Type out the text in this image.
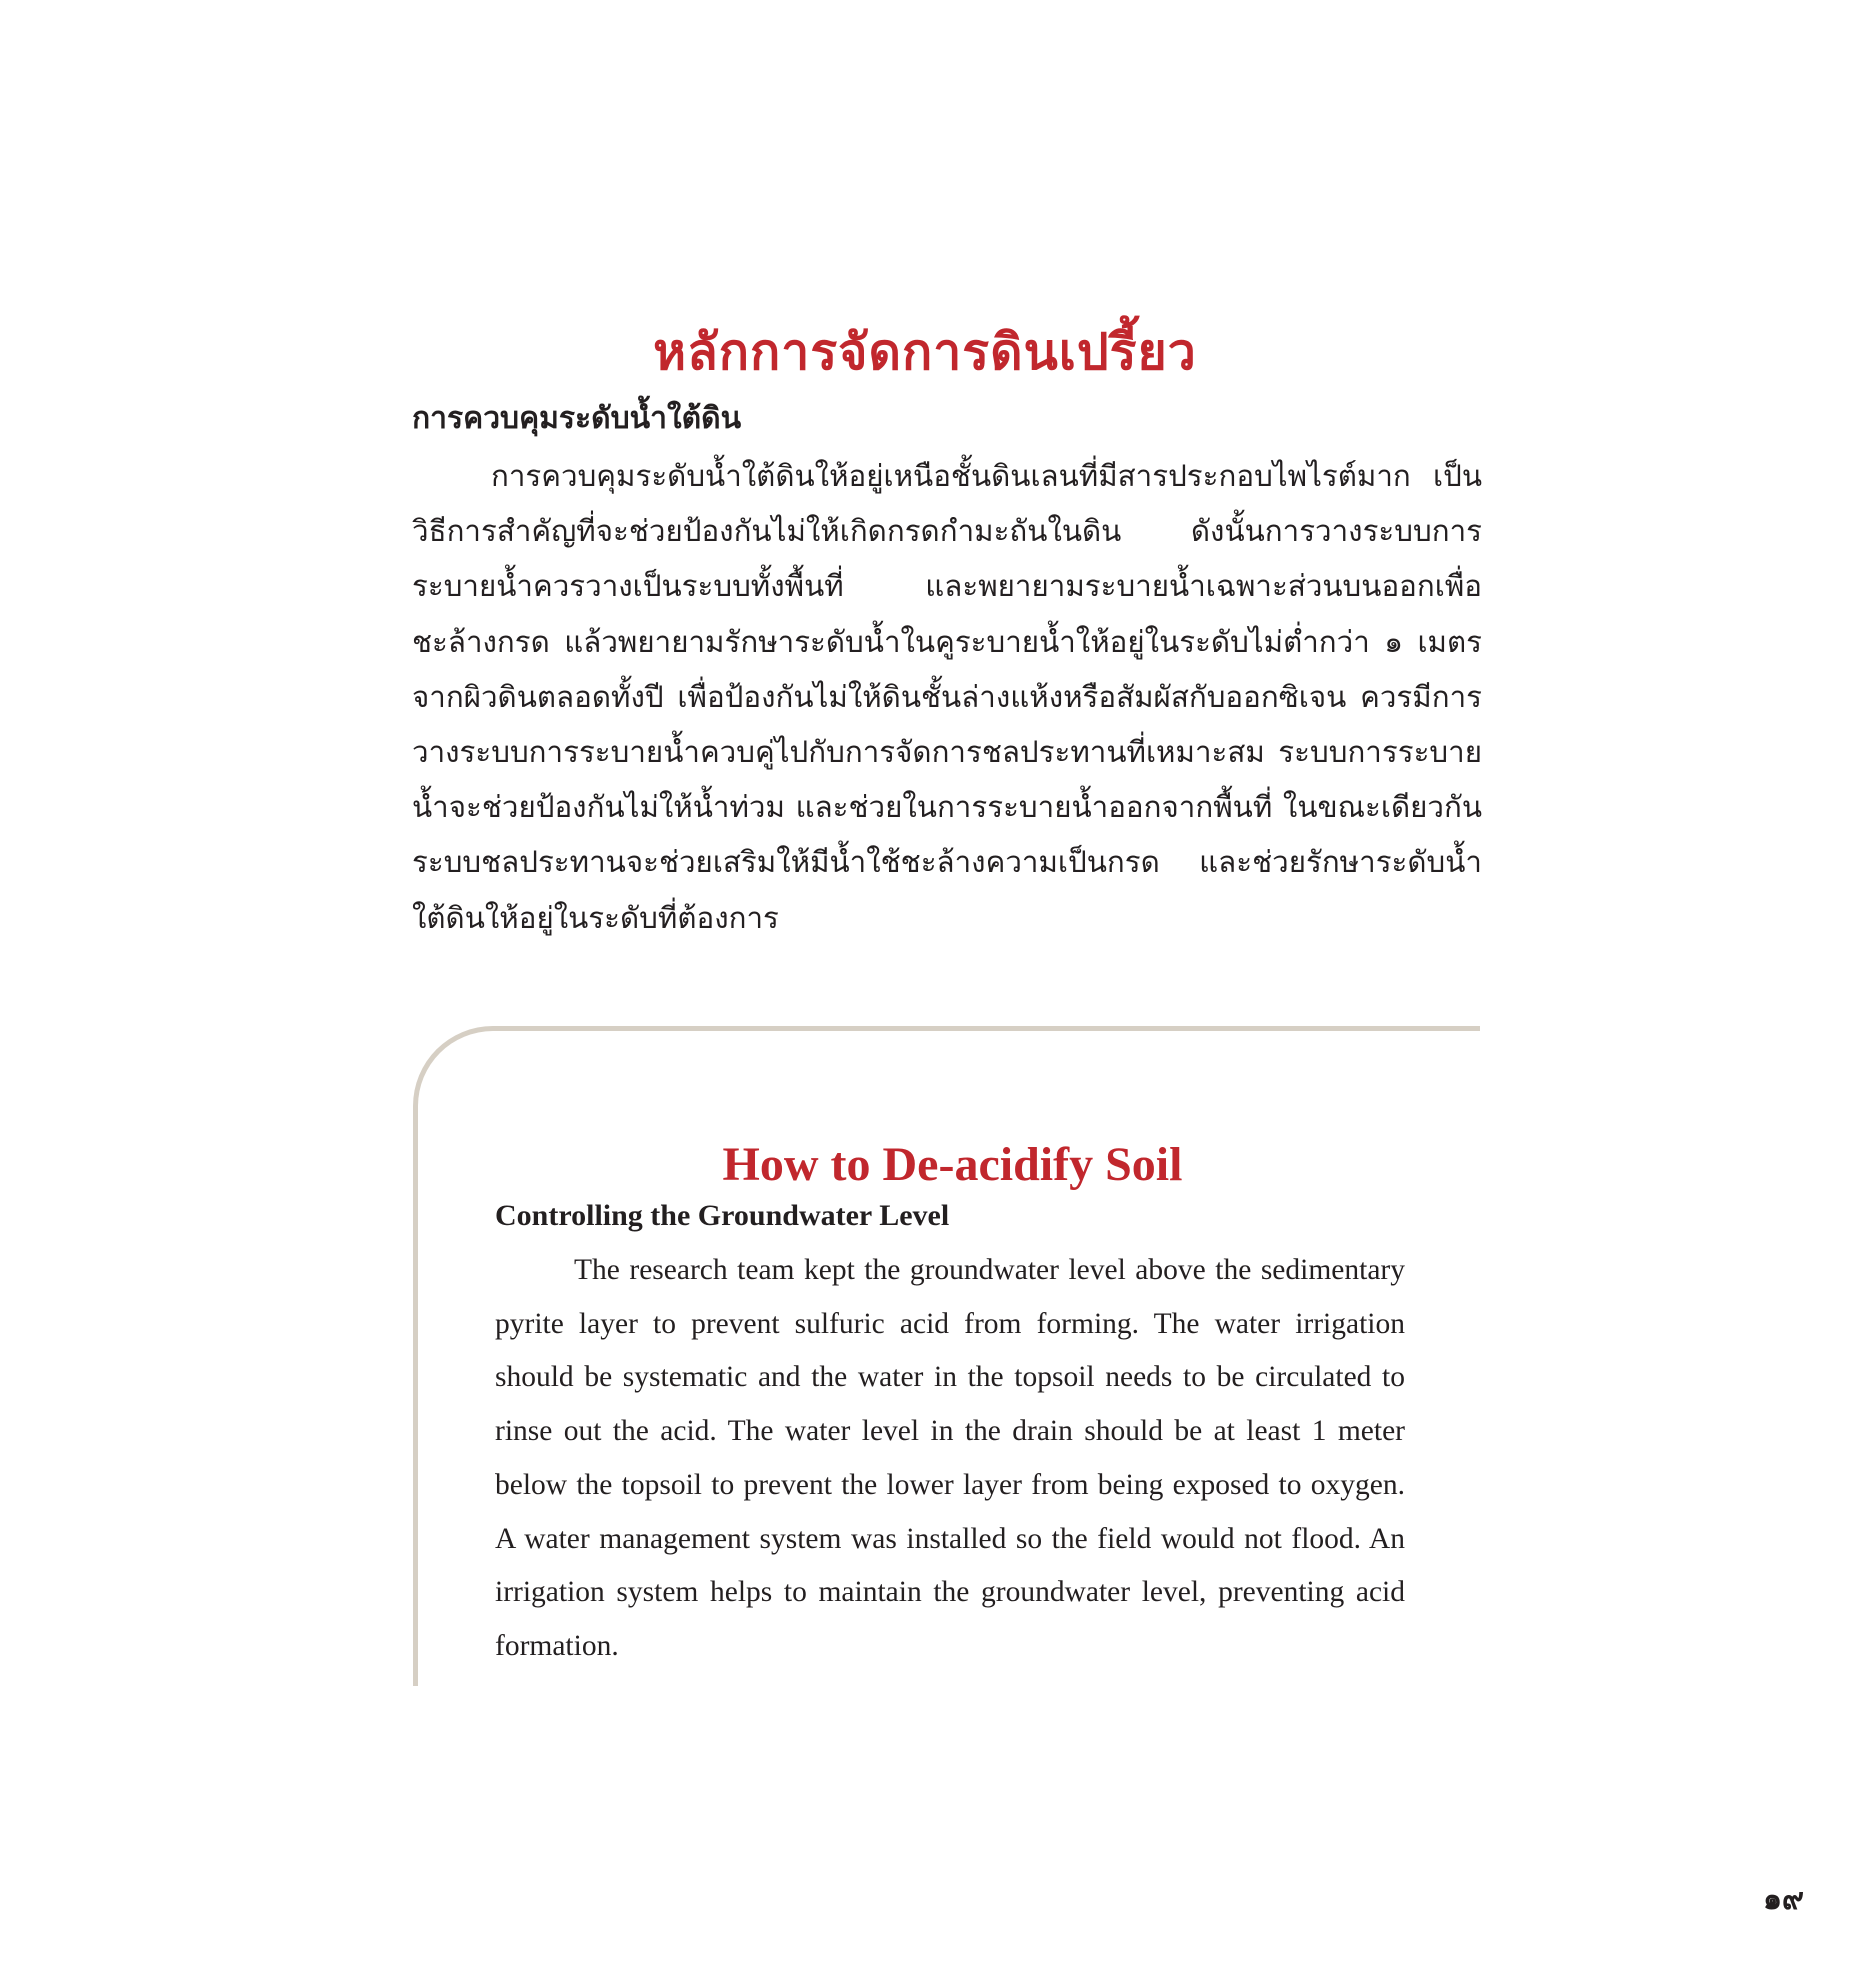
หลักการจัดการดินเปรี้ยว
การควบคุมระดับน้ำใต้ดิน

การควบคุมระดับน้ำใต้ดินให้อยู่เหนือชั้นดินเลนที่มีสารประกอบไพไรต์มาก เป็นวิธีการสำคัญที่จะช่วยป้องกันไม่ให้เกิดกรดกำมะถันในดิน ดังนั้นการวางระบบการระบายน้ำควรวางเป็นระบบทั้งพื้นที่ และพยายามระบายน้ำเฉพาะส่วนบนออกเพื่อชะล้างกรด แล้วพยายามรักษาระดับน้ำในคูระบายน้ำให้อยู่ในระดับไม่ต่ำกว่า ๑ เมตร จากผิวดินตลอดทั้งปี เพื่อป้องกันไม่ให้ดินชั้นล่างแห้งหรือสัมผัสกับออกซิเจน ควรมีการวางระบบการระบายน้ำควบคู่ไปกับการจัดการชลประทานที่เหมาะสม ระบบการระบายน้ำจะช่วยป้องกันไม่ให้น้ำท่วม และช่วยในการระบายน้ำออกจากพื้นที่ ในขณะเดียวกันระบบชลประทานจะช่วยเสริมให้มีน้ำใช้ชะล้างความเป็นกรด และช่วยรักษาระดับน้ำใต้ดินให้อยู่ในระดับที่ต้องการ

How to De-acidify Soil
Controlling the Groundwater Level

The research team kept the groundwater level above the sedimentary pyrite layer to prevent sulfuric acid from forming. The water irrigation should be systematic and the water in the topsoil needs to be circulated to rinse out the acid. The water level in the drain should be at least 1 meter below the topsoil to prevent the lower layer from being exposed to oxygen. A water management system was installed so the field would not flood. An irrigation system helps to maintain the groundwater level, preventing acid formation.

๑๙
